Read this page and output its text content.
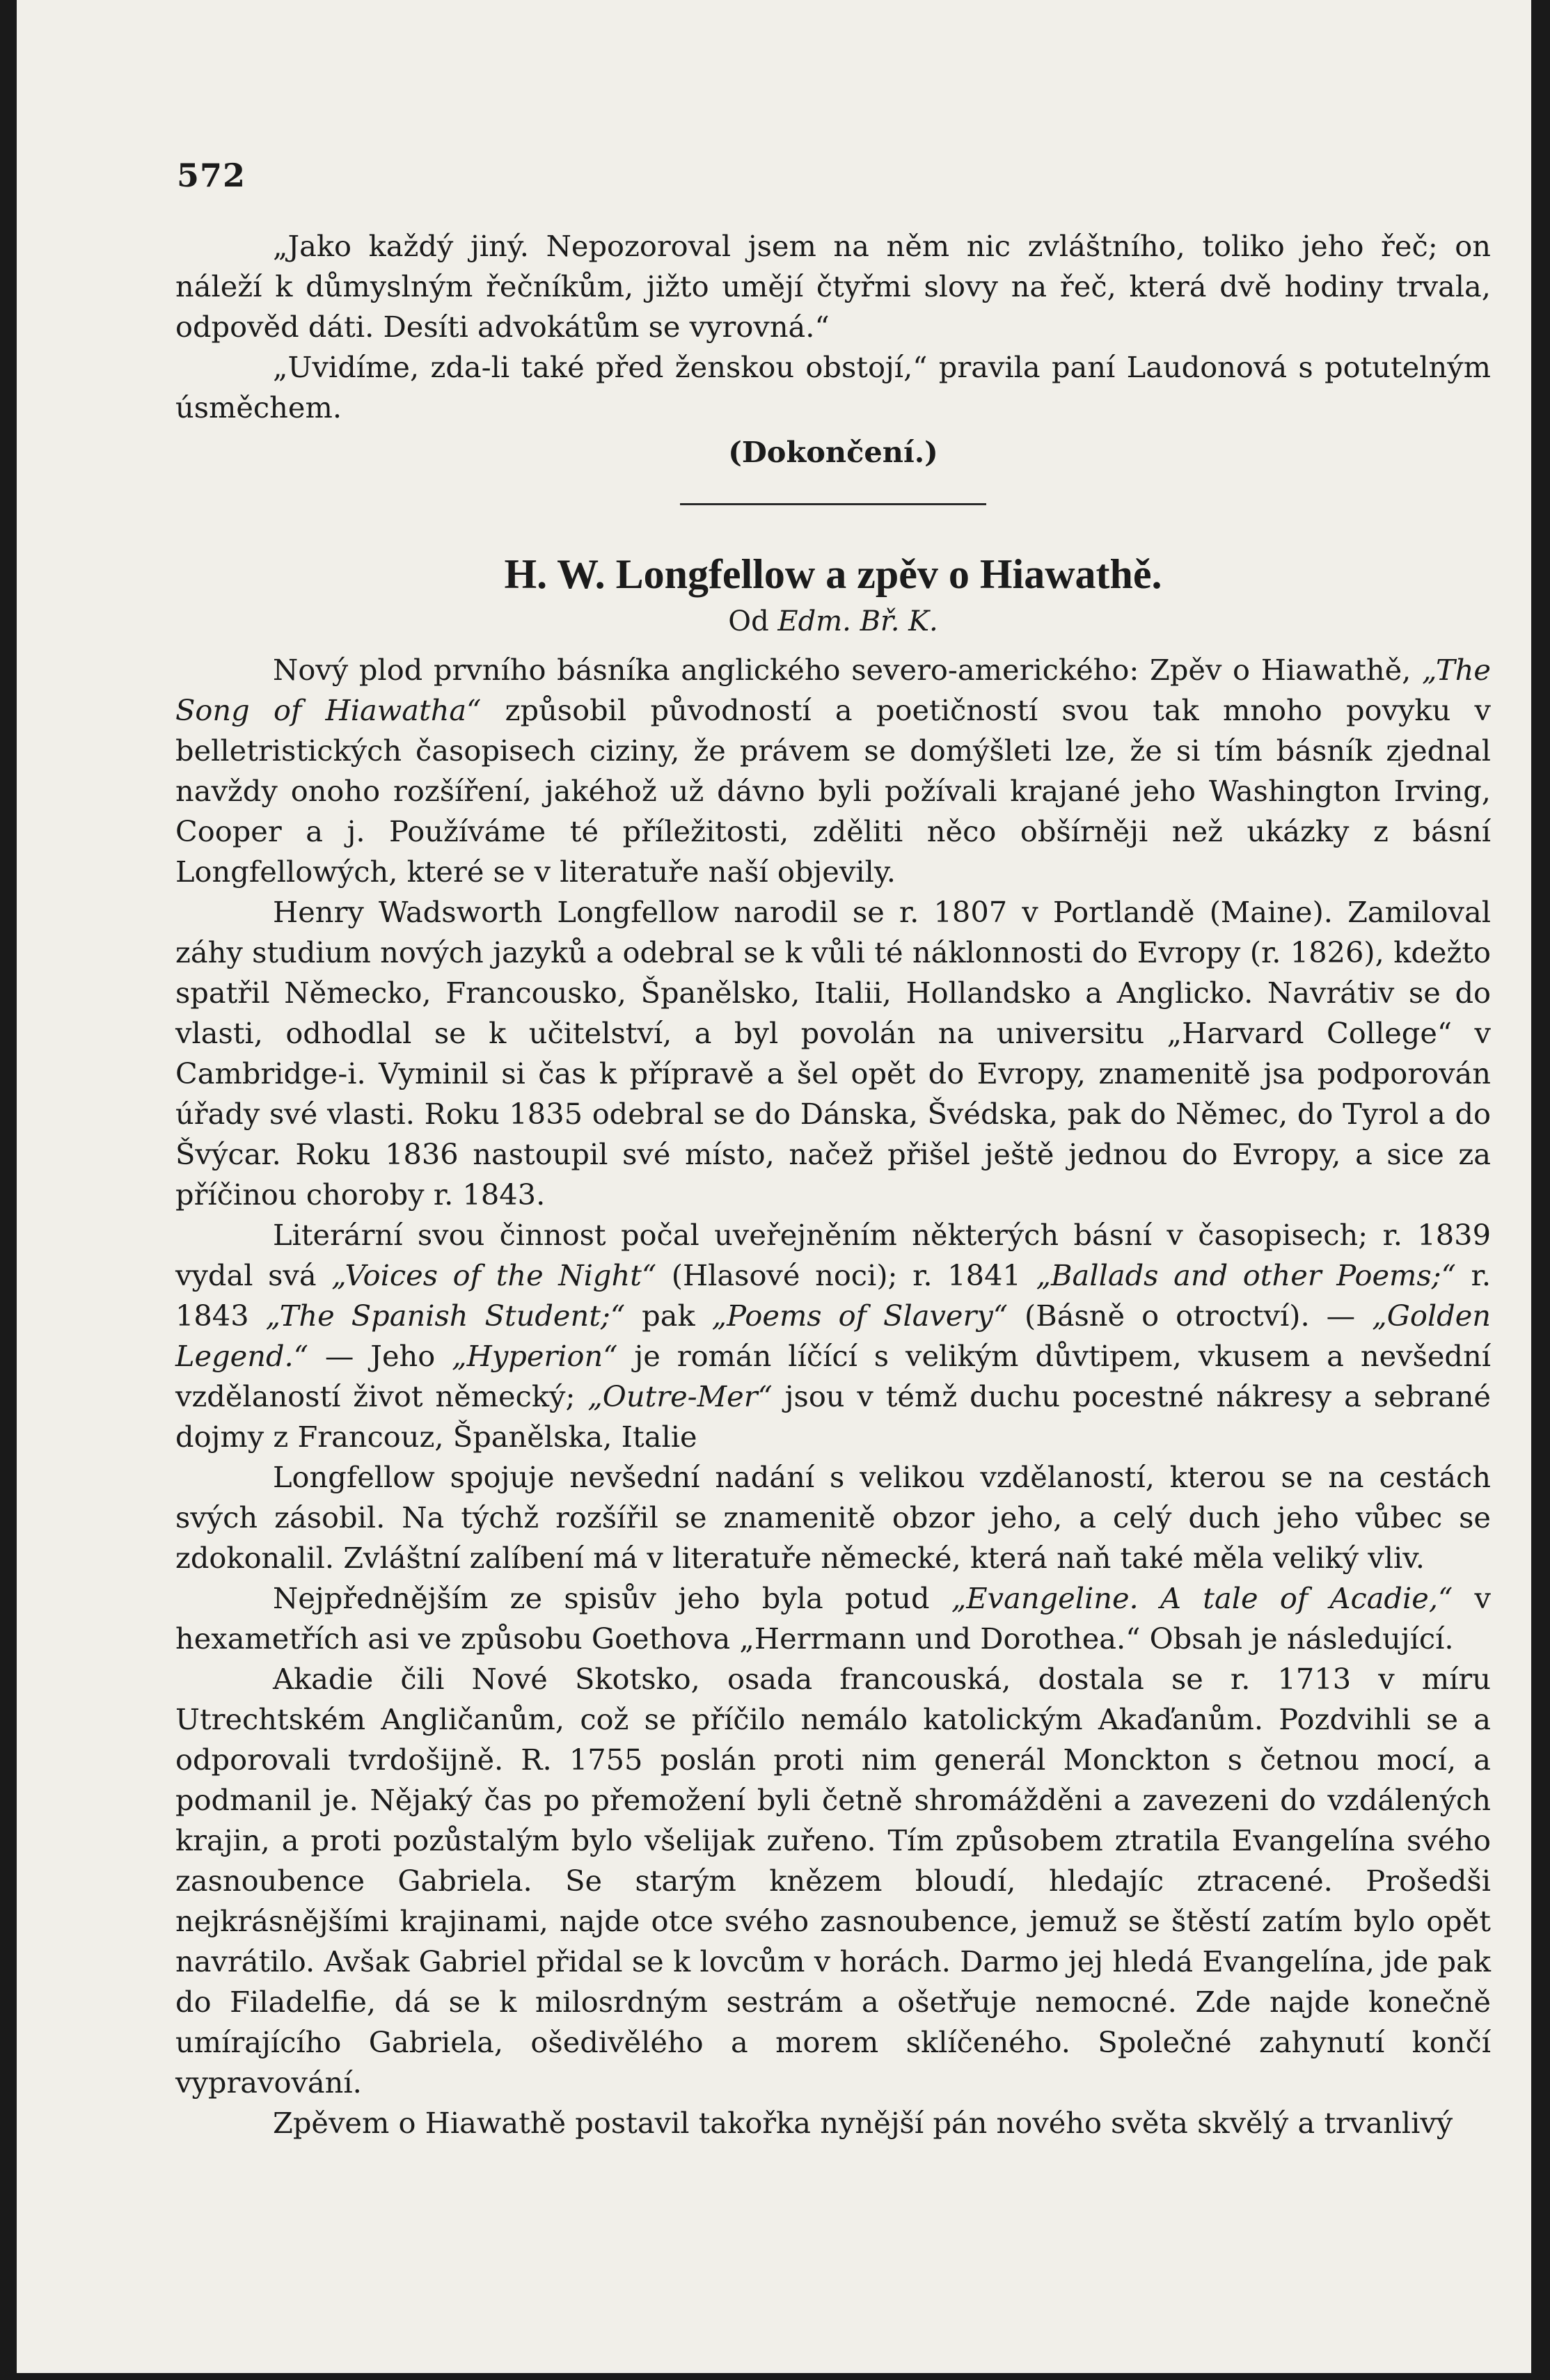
572

„Jako každý jiný. Nepozoroval jsem na něm nic zvláštního, toliko jeho řeč; on náleží k důmyslným řečníkům, jižto umějí čtyřmi slovy na řeč, která dvě hodiny trvala, odpověd dáti. Desíti advokátům se vyrovná.“

„Uvidíme, zda-li také před ženskou obstojí,“ pravila paní Laudonová s potutelným úsměchem.

(Dokončení.)

H. W. Longfellow a zpěv o Hiawathě.
Od Edm. Bř. K.

Nový plod prvního básníka anglického severo-amerického: Zpěv o Hiawathě, „The Song of Hiawatha“ způsobil původností a poetičností svou tak mnoho povyku v belletristických časopisech ciziny, že právem se domýšleti lze, že si tím básník zjednal navždy onoho rozšíření, jakéhož už dávno byli požívali krajané jeho Washington Irving, Cooper a j. Používáme té příležitosti, zděliti něco obšírněji než ukázky z básní Longfellowých, které se v literatuře naší objevily.

Henry Wadsworth Longfellow narodil se r. 1807 v Portlandě (Maine). Zamiloval záhy studium nových jazyků a odebral se k vůli té náklonnosti do Evropy (r. 1826), kdežto spatřil Německo, Francousko, Španělsko, Italii, Hollandsko a Anglicko. Navrátiv se do vlasti, odhodlal se k učitelství, a byl povolán na universitu „Harvard College“ v Cambridge-i. Vyminil si čas k přípravě a šel opět do Evropy, znamenitě jsa podporován úřady své vlasti. Roku 1835 odebral se do Dánska, Švédska, pak do Němec, do Tyrol a do Švýcar. Roku 1836 nastoupil své místo, načež přišel ještě jednou do Evropy, a sice za příčinou choroby r. 1843.

Literární svou činnost počal uveřejněním některých básní v časopisech; r. 1839 vydal svá „Voices of the Night“ (Hlasové noci); r. 1841 „Ballads and other Poems;“ r. 1843 „The Spanish Student;“ pak „Poems of Slavery“ (Básně o otroctví). — „Golden Legend.“ — Jeho „Hyperion“ je román líčící s velikým důvtipem, vkusem a nevšední vzdělaností život německý; „Outre-Mer“ jsou v témž duchu pocestné nákresy a sebrané dojmy z Francouz, Španělska, Italie

Longfellow spojuje nevšední nadání s velikou vzdělaností, kterou se na cestách svých zásobil. Na týchž rozšířil se znamenitě obzor jeho, a celý duch jeho vůbec se zdokonalil. Zvláštní zalíbení má v literatuře německé, která naň také měla veliký vliv.

Nejpřednějším ze spisův jeho byla potud „Evangeline. A tale of Acadie,“ v hexametřích asi ve způsobu Goethova „Herrmann und Dorothea.“ Obsah je následující.

Akadie čili Nové Skotsko, osada francouská, dostala se r. 1713 v míru Utrechtském Angličanům, což se příčilo nemálo katolickým Akaďanům. Pozdvihli se a odporovali tvrdošijně. R. 1755 poslán proti nim generál Monckton s četnou mocí, a podmanil je. Nějaký čas po přemožení byli četně shromážděni a zavezeni do vzdálených krajin, a proti pozůstalým bylo všelijak zuřeno. Tím způsobem ztratila Evangelína svého zasnoubence Gabriela. Se starým knězem bloudí, hledajíc ztracené. Prošedši nejkrásnějšími krajinami, najde otce svého zasnoubence, jemuž se štěstí zatím bylo opět navrátilo. Avšak Gabriel přidal se k lovcům v horách. Darmo jej hledá Evangelína, jde pak do Filadelfie, dá se k milosrdným sestrám a ošetřuje nemocné. Zde najde konečně umírajícího Gabriela, ošedivělého a morem sklíčeného. Společné zahynutí končí vypravování.

Zpěvem o Hiawathě postavil takořka nynější pán nového světa skvělý a trvanlivý
